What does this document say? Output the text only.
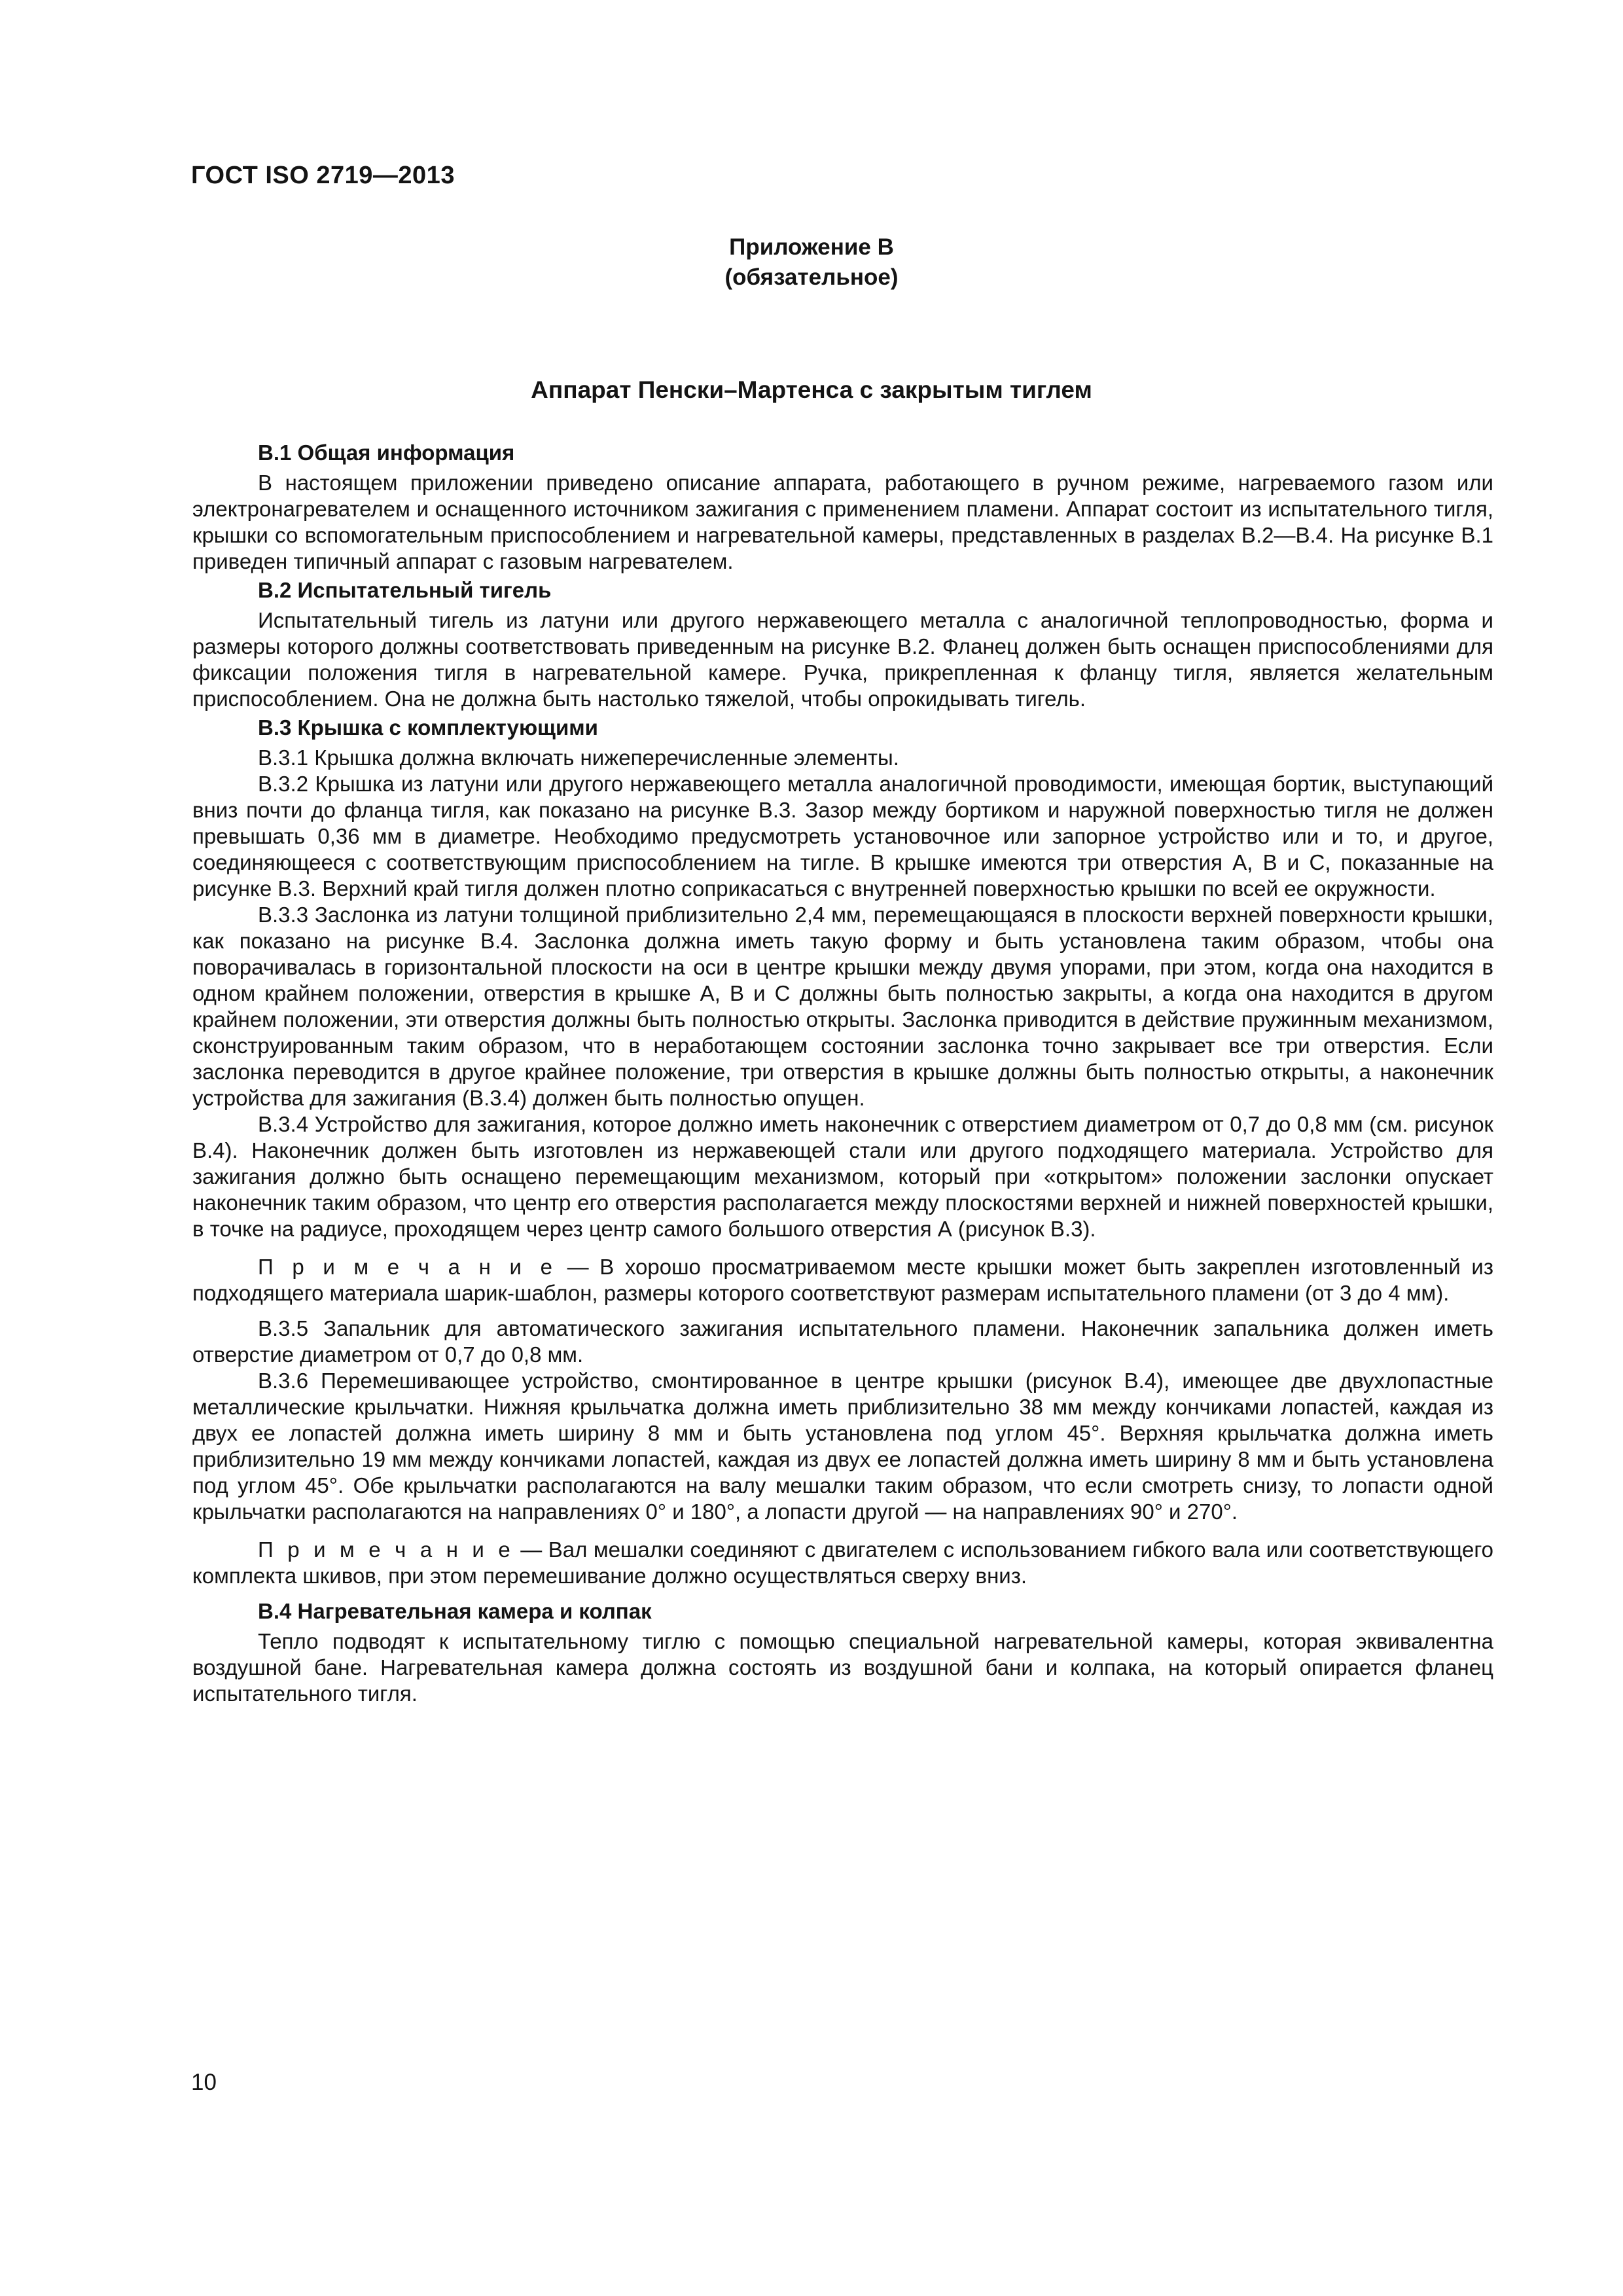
ГОСТ ISO 2719—2013
Приложение В
(обязательное)
Аппарат Пенски–Мартенса с закрытым тиглем
В.1 Общая информация

В настоящем приложении приведено описание аппарата, работающего в ручном режиме, нагреваемого газом или электронагревателем и оснащенного источником зажигания с применением пламени. Аппарат состоит из испытательного тигля, крышки со вспомогательным приспособлением и нагревательной камеры, представленных в разделах В.2—В.4. На рисунке В.1 приведен типичный аппарат с газовым нагревателем.

В.2 Испытательный тигель

Испытательный тигель из латуни или другого нержавеющего металла с аналогичной теплопроводностью, форма и размеры которого должны соответствовать приведенным на рисунке В.2. Фланец должен быть оснащен приспособлениями для фиксации положения тигля в нагревательной камере. Ручка, прикрепленная к фланцу тигля, является желательным приспособлением. Она не должна быть настолько тяжелой, чтобы опрокидывать тигель.

В.3 Крышка с комплектующими

В.3.1 Крышка должна включать нижеперечисленные элементы.

В.3.2 Крышка из латуни или другого нержавеющего металла аналогичной проводимости, имеющая бортик, выступающий вниз почти до фланца тигля, как показано на рисунке В.3. Зазор между бортиком и наружной поверхностью тигля не должен превышать 0,36 мм в диаметре. Необходимо предусмотреть установочное или запорное устройство или и то, и другое, соединяющееся с соответствующим приспособлением на тигле. В крышке имеются три отверстия А, В и С, показанные на рисунке В.3. Верхний край тигля должен плотно соприкасаться с внутренней поверхностью крышки по всей ее окружности.

В.3.3 Заслонка из латуни толщиной приблизительно 2,4 мм, перемещающаяся в плоскости верхней поверхности крышки, как показано на рисунке В.4. Заслонка должна иметь такую форму и быть установлена таким образом, чтобы она поворачивалась в горизонтальной плоскости на оси в центре крышки между двумя упорами, при этом, когда она находится в одном крайнем положении, отверстия в крышке А, В и С должны быть полностью закрыты, а когда она находится в другом крайнем положении, эти отверстия должны быть полностью открыты. Заслонка приводится в действие пружинным механизмом, сконструированным таким образом, что в неработающем состоянии заслонка точно закрывает все три отверстия. Если заслонка переводится в другое крайнее положение, три отверстия в крышке должны быть полностью открыты, а наконечник устройства для зажигания (В.3.4) должен быть полностью опущен.

В.3.4 Устройство для зажигания, которое должно иметь наконечник с отверстием диаметром от 0,7 до 0,8 мм (см. рисунок В.4). Наконечник должен быть изготовлен из нержавеющей стали или другого подходящего материала. Устройство для зажигания должно быть оснащено перемещающим механизмом, который при «открытом» положении заслонки опускает наконечник таким образом, что центр его отверстия располагается между плоскостями верхней и нижней поверхностей крышки, в точке на радиусе, проходящем через центр самого большого отверстия А (рисунок В.3).

П р и м е ч а н и е — В хорошо просматриваемом месте крышки может быть закреплен изготовленный из подходящего материала шарик-шаблон, размеры которого соответствуют размерам испытательного пламени (от 3 до 4 мм).

В.3.5 Запальник для автоматического зажигания испытательного пламени. Наконечник запальника должен иметь отверстие диаметром от 0,7 до 0,8 мм.

В.3.6 Перемешивающее устройство, смонтированное в центре крышки (рисунок В.4), имеющее две двухлопастные металлические крыльчатки. Нижняя крыльчатка должна иметь приблизительно 38 мм между кончиками лопастей, каждая из двух ее лопастей должна иметь ширину 8 мм и быть установлена под углом 45°. Верхняя крыльчатка должна иметь приблизительно 19 мм между кончиками лопастей, каждая из двух ее лопастей должна иметь ширину 8 мм и быть установлена под углом 45°. Обе крыльчатки располагаются на валу мешалки таким образом, что если смотреть снизу, то лопасти одной крыльчатки располагаются на направлениях 0° и 180°, а лопасти другой — на направлениях 90° и 270°.

П р и м е ч а н и е — Вал мешалки соединяют с двигателем с использованием гибкого вала или соответствующего комплекта шкивов, при этом перемешивание должно осуществляться сверху вниз.

В.4 Нагревательная камера и колпак

Тепло подводят к испытательному тиглю с помощью специальной нагревательной камеры, которая эквивалентна воздушной бане. Нагревательная камера должна состоять из воздушной бани и колпака, на который опирается фланец испытательного тигля.

10
